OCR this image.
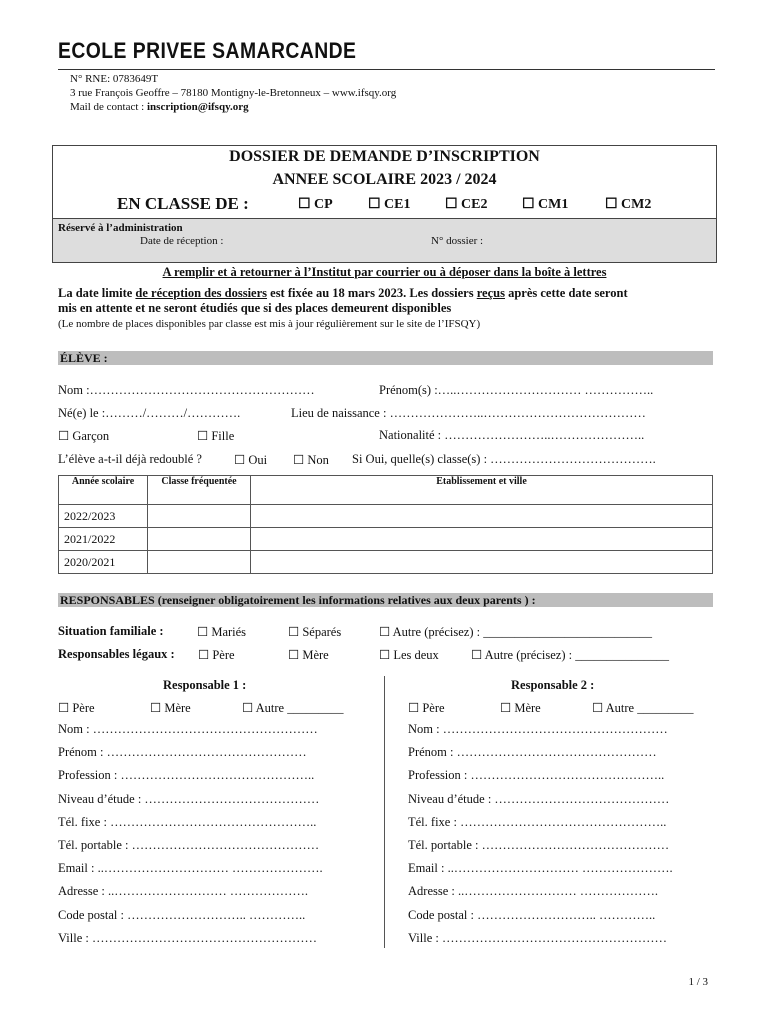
ECOLE PRIVEE SAMARCANDE
N° RNE: 0783649T
3 rue François Geoffre – 78180 Montigny-le-Bretonneux – www.ifsqy.org
Mail de contact : inscription@ifsqy.org
DOSSIER DE DEMANDE D’INSCRIPTION
ANNEE SCOLAIRE 2023 / 2024
EN CLASSE DE :	☐ CP	☐ CE1 ☐ CE2 ☐ CM1	☐ CM2
Réservé à l’administration
Date de réception :	N° dossier :
A remplir et à retourner à l’Institut par courrier ou à déposer dans la boîte à lettres
La date limite de réception des dossiers est fixée au 18 mars 2023. Les dossiers reçus après cette date seront
mis en attente et ne seront étudiés que si des places demeurent disponibles
(Le nombre de places disponibles par classe est mis à jour régulièrement sur le site de l’IFSQY)
ÉLÈVE :
Nom :………………………………………………	Prénom(s) :…..………………………… ……………..
Né(e) le :………/………/………….	Lieu de naissance : …………………..…………………………………
☐ Garçon	☐ Fille	Nationalité : ……………………..…………………..
L’élève a-t-il déjà redoublé ?	☐ Oui ☐ Non Si Oui, quelle(s) classe(s) : ………………………………….
Année scolaire	Classe fréquentée	Etablissement et ville
2022/2023		
2021/2022		
2020/2021		
RESPONSABLES (renseigner obligatoirement les informations relatives aux deux parents ) :
Situation familiale :	☐ Mariés	☐ Séparés	☐ Autre (précisez) : ___________________________
Responsables légaux : ☐ Père	☐ Mère	☐ Les deux	☐ Autre (précisez) : _______________
Responsable 1 :	Responsable 2 :
☐ Père	☐ Mère	☐ Autre _________
Nom : ………………………………………………
Prénom : …………………………………………
Profession : ………………………………………..
Niveau d’étude : ……………………………………
Tél. fixe : …………………………………………..
Tél. portable : ………………………………………
Email : ..………………………… ………………….
Adresse : ..……………………… ……………….
Code postal : ……………………….. …………..
Ville : ………………………………………………
☐ Père	☐ Mère	☐ Autre _________
Nom : ………………………………………………
Prénom : …………………………………………
Profession : ………………………………………..
Niveau d’étude : ……………………………………
Tél. fixe : …………………………………………..
Tél. portable : ………………………………………
Email : ..………………………… ………………….
Adresse : ..……………………… ……………….
Code postal : ……………………….. …………..
Ville : ………………………………………………
1 / 3
